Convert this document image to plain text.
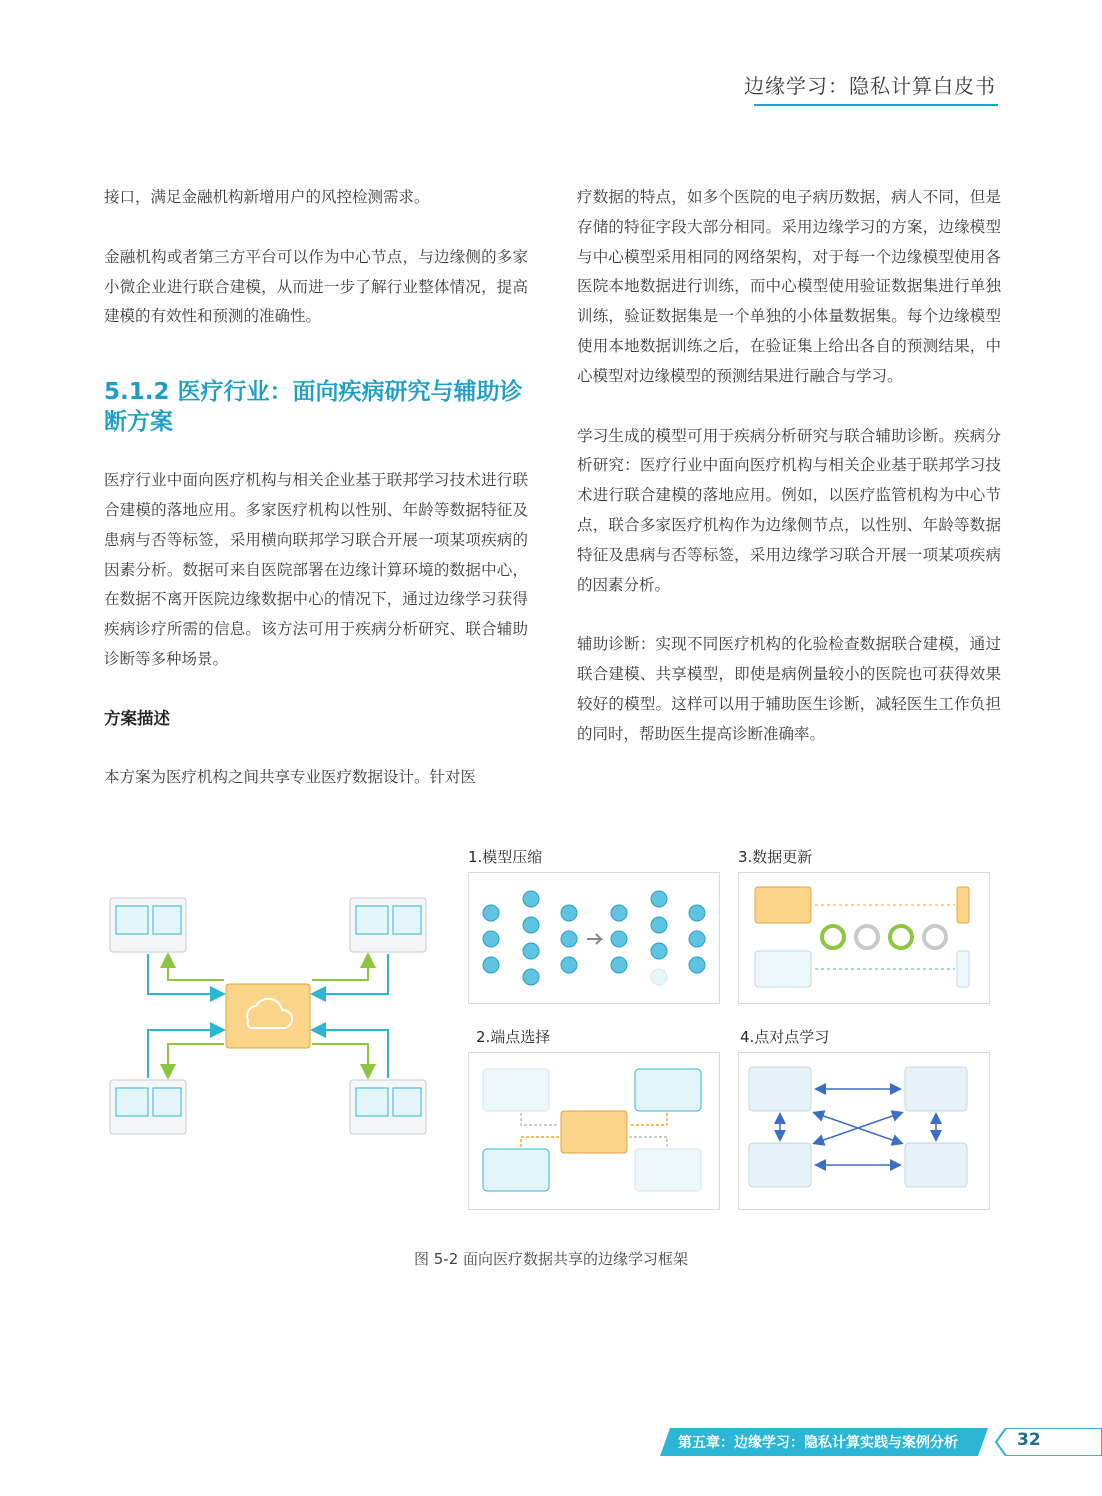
边缘学习：隐私计算白皮书

接口，满足金融机构新增用户的风控检测需求。

金融机构或者第三方平台可以作为中心节点，与边缘侧的多家小微企业进行联合建模，从而进一步了解行业整体情况，提高建模的有效性和预测的准确性。

5.1.2 医疗行业：面向疾病研究与辅助诊断方案

医疗行业中面向医疗机构与相关企业基于联邦学习技术进行联合建模的落地应用。多家医疗机构以性别、年龄等数据特征及患病与否等标签，采用横向联邦学习联合开展一项某项疾病的因素分析。数据可来自医院部署在边缘计算环境的数据中心，在数据不离开医院边缘数据中心的情况下，通过边缘学习获得疾病诊疗所需的信息。该方法可用于疾病分析研究、联合辅助诊断等多种场景。

方案描述

本方案为医疗机构之间共享专业医疗数据设计。针对医

疗数据的特点，如多个医院的电子病历数据，病人不同，但是存储的特征字段大部分相同。采用边缘学习的方案，边缘模型与中心模型采用相同的网络架构，对于每一个边缘模型使用各医院本地数据进行训练，而中心模型使用验证数据集进行单独训练，验证数据集是一个单独的小体量数据集。每个边缘模型使用本地数据训练之后，在验证集上给出各自的预测结果，中心模型对边缘模型的预测结果进行融合与学习。

学习生成的模型可用于疾病分析研究与联合辅助诊断。疾病分析研究：医疗行业中面向医疗机构与相关企业基于联邦学习技术进行联合建模的落地应用。例如，以医疗监管机构为中心节点，联合多家医疗机构作为边缘侧节点，以性别、年龄等数据特征及患病与否等标签，采用边缘学习联合开展一项某项疾病的因素分析。

辅助诊断：实现不同医疗机构的化验检查数据联合建模，通过联合建模、共享模型，即使是病例量较小的医院也可获得效果较好的模型。这样可以用于辅助医生诊断，减轻医生工作负担的同时，帮助医生提高诊断准确率。

1.模型压缩	3.数据更新
2.端点选择	4.点对点学习
图 5-2 面向医疗数据共享的边缘学习框架
第五章：边缘学习：隐私计算实践与案例分析	32
